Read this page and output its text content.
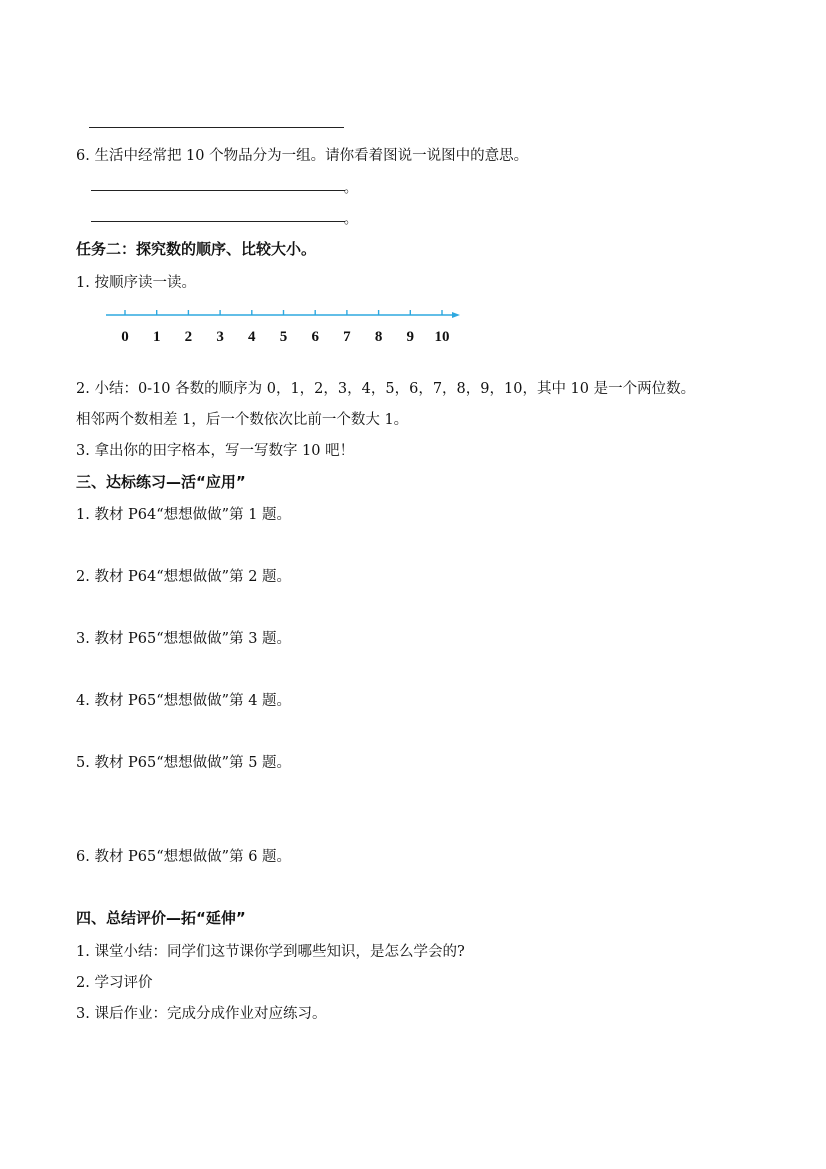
6. 生活中经常把 10 个物品分为一组。请你看着图说一说图中的意思。
。
。
任务二：探究数的顺序、比较大小。
1. 按顺序读一读。
0 1 2 3 4 5 6 7 8 9 10
2. 小结：0-10 各数的顺序为 0，1，2，3，4，5，6，7，8，9，10，其中 10 是一个两位数。
相邻两个数相差 1，后一个数依次比前一个数大 1。
3. 拿出你的田字格本，写一写数字 10 吧！
三、达标练习—活“应用”
1. 教材 P64“想想做做”第 1 题。
2. 教材 P64“想想做做”第 2 题。
3. 教材 P65“想想做做”第 3 题。
4. 教材 P65“想想做做”第 4 题。
5. 教材 P65“想想做做”第 5 题。
6. 教材 P65“想想做做”第 6 题。
四、总结评价—拓“延伸”
1. 课堂小结：同学们这节课你学到哪些知识，是怎么学会的?
2. 学习评价
3. 课后作业：完成分成作业对应练习。
